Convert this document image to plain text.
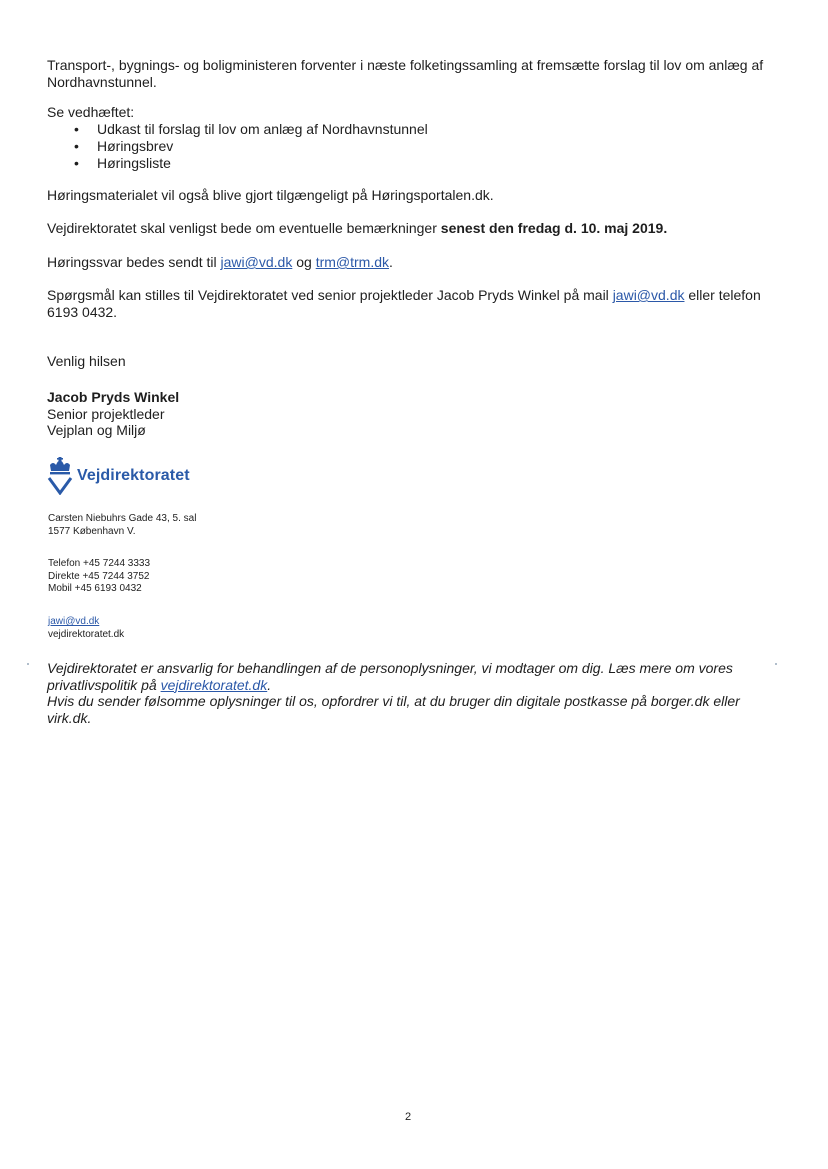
Transport-, bygnings- og boligministeren forventer i næste folketingssamling at fremsætte forslag til lov om anlæg af Nordhavnstunnel.

Se vedhæftet:

• Udkast til forslag til lov om anlæg af Nordhavnstunnel
• Høringsbrev
• Høringsliste

Høringsmaterialet vil også blive gjort tilgængeligt på Høringsportalen.dk.

Vejdirektoratet skal venligst bede om eventuelle bemærkninger senest den fredag d. 10. maj 2019.

Høringssvar bedes sendt til jawi@vd.dk og trm@trm.dk.

Spørgsmål kan stilles til Vejdirektoratet ved senior projektleder Jacob Pryds Winkel på mail jawi@vd.dk eller telefon
6193 0432.

Venlig hilsen

Jacob Pryds Winkel
Senior projektleder
Vejplan og Miljø

Vejdirektoratet

Carsten Niebuhrs Gade 43, 5. sal
1577 København V.

Telefon +45 7244 3333
Direkte +45 7244 3752
Mobil +45 6193 0432

jawi@vd.dk
vejdirektoratet.dk

Vejdirektoratet er ansvarlig for behandlingen af de personoplysninger, vi modtager om dig. Læs mere om vores privatlivspolitik på vejdirektoratet.dk.
Hvis du sender følsomme oplysninger til os, opfordrer vi til, at du bruger din digitale postkasse på borger.dk eller virk.dk.

2
